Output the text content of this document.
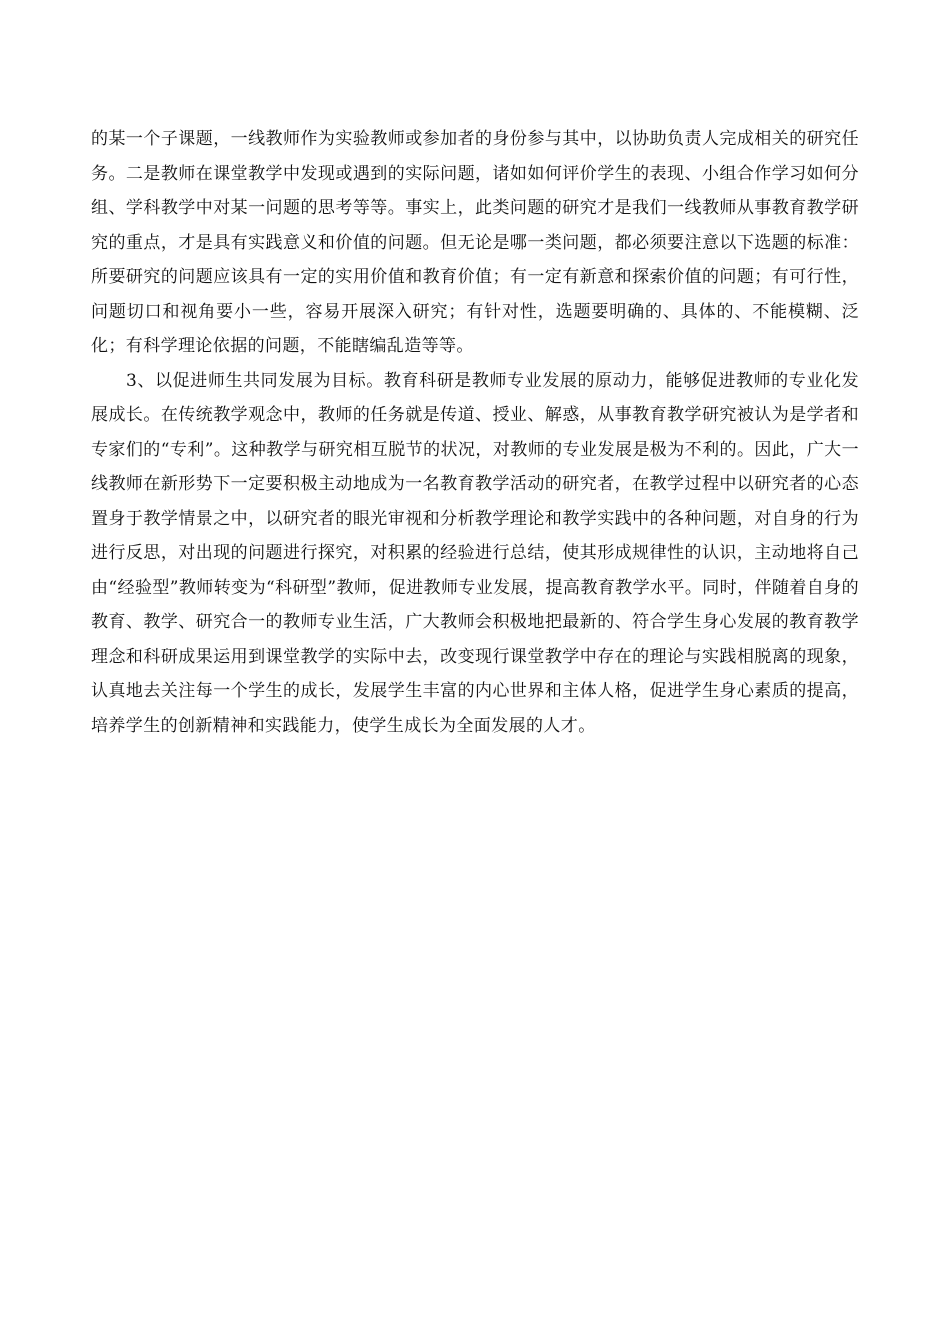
的某一个子课题，一线教师作为实验教师或参加者的身份参与其中，以协助负责人完成相关的研究任务。二是教师在课堂教学中发现或遇到的实际问题，诸如如何评价学生的表现、小组合作学习如何分组、学科教学中对某一问题的思考等等。事实上，此类问题的研究才是我们一线教师从事教育教学研究的重点，才是具有实践意义和价值的问题。但无论是哪一类问题，都必须要注意以下选题的标准：所要研究的问题应该具有一定的实用价值和教育价值；有一定有新意和探索价值的问题；有可行性，问题切口和视角要小一些，容易开展深入研究；有针对性，选题要明确的、具体的、不能模糊、泛化；有科学理论依据的问题，不能瞎编乱造等等。

3、以促进师生共同发展为目标。教育科研是教师专业发展的原动力，能够促进教师的专业化发展成长。在传统教学观念中，教师的任务就是传道、授业、解惑，从事教育教学研究被认为是学者和专家们的“专利”。这种教学与研究相互脱节的状况，对教师的专业发展是极为不利的。因此，广大一线教师在新形势下一定要积极主动地成为一名教育教学活动的研究者，在教学过程中以研究者的心态置身于教学情景之中，以研究者的眼光审视和分析教学理论和教学实践中的各种问题，对自身的行为进行反思，对出现的问题进行探究，对积累的经验进行总结，使其形成规律性的认识，主动地将自己由“经验型”教师转变为“科研型”教师，促进教师专业发展，提高教育教学水平。同时，伴随着自身的教育、教学、研究合一的教师专业生活，广大教师会积极地把最新的、符合学生身心发展的教育教学理念和科研成果运用到课堂教学的实际中去，改变现行课堂教学中存在的理论与实践相脱离的现象，认真地去关注每一个学生的成长，发展学生丰富的内心世界和主体人格，促进学生身心素质的提高，培养学生的创新精神和实践能力，使学生成长为全面发展的人才。
